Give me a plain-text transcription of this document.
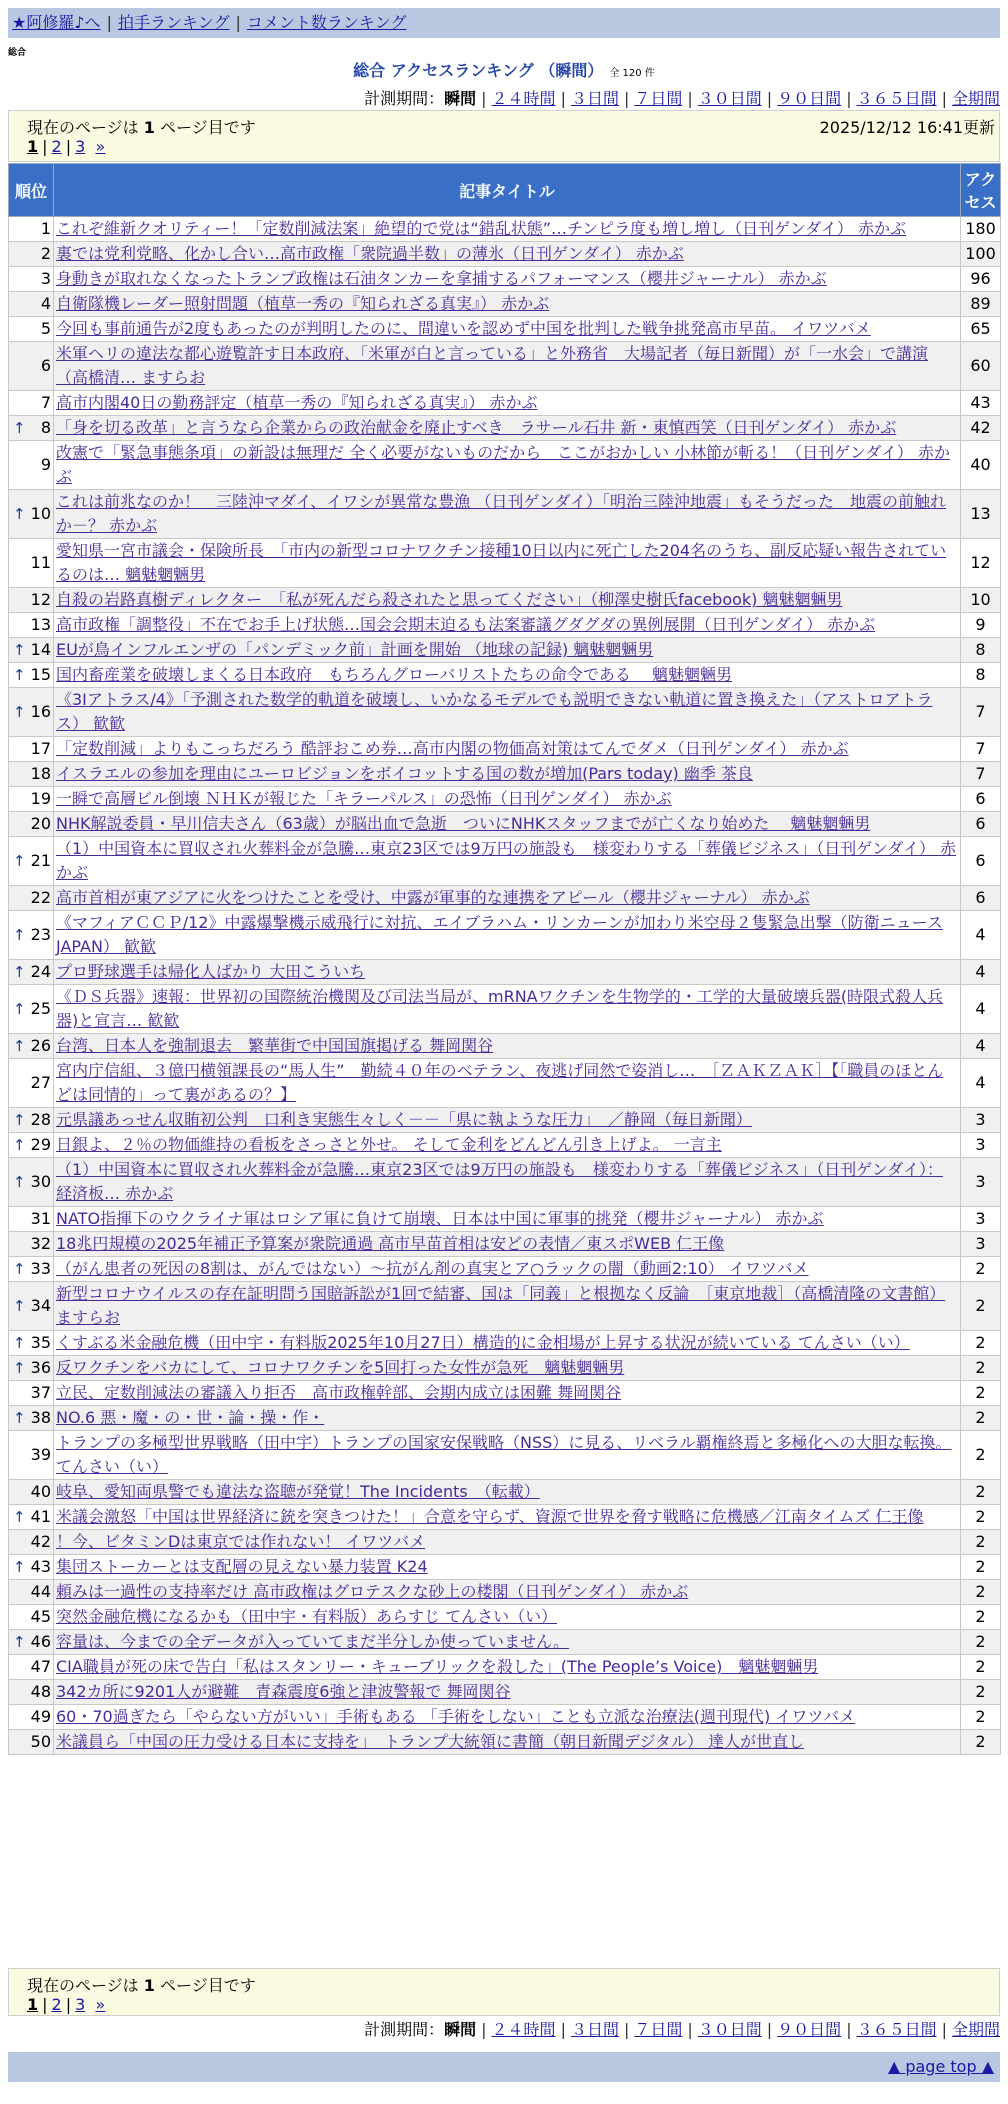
★阿修羅♪へ | 拍手ランキング | コメント数ランキング
総合
総合 アクセスランキング （瞬間） 全 120 件
計測期間：瞬間 | ２４時間 | ３日間 | ７日間 | ３０日間 | ９０日間 | ３６５日間 | 全期間
現在のページは 1 ページ目です	2025/12/12 16:41更新
1 | 2 | 3 »
順位	記事タイトル	アクセス
1	これぞ維新クオリティー！「定数削減法案」絶望的で党は“錯乱状態”…チンピラ度も増し増し（日刊ゲンダイ） 赤かぶ	180
2	裏では党利党略、化かし合い…高市政権「衆院過半数」の薄氷（日刊ゲンダイ） 赤かぶ	100
3	身動きが取れなくなったトランプ政権は石油タンカーを拿捕するパフォーマンス（櫻井ジャーナル） 赤かぶ	96
4	自衛隊機レーダー照射問題（植草一秀の『知られざる真実』） 赤かぶ	89
5	今回も事前通告が2度もあったのが判明したのに、間違いを認めず中国を批判した戦争挑発高市早苗。 イワツバメ	65
6	米軍ヘリの違法な都心遊覧許す日本政府、「米軍が白と言っている」と外務省　大場記者（毎日新聞）が「一水会」で講演（高橋清… ますらお	60
7	高市内閣40日の勤務評定（植草一秀の『知られざる真実』） 赤かぶ	43

↑ 8	「身を切る改革」と言うなら企業からの政治献金を廃止すべき　ラサール石井 新・東慎西笑（日刊ゲンダイ） 赤かぶ	42
9	改憲で「緊急事態条項」の新設は無理だ 全く必要がないものだから　ここがおかしい 小林節が斬る！（日刊ゲンダイ） 赤かぶ	40

↑ 10	これは前兆なのか！　三陸沖マダイ、イワシが異常な豊漁 （日刊ゲンダイ）「明治三陸沖地震」もそうだった　地震の前触れか－？ 赤かぶ	13
11	愛知県一宮市議会・保険所長　「市内の新型コロナワクチン接種10日以内に死亡した204名のうち、副反応疑い報告されているのは… 魑魅魍魎男	12
12	自殺の岩路真樹ディレクター　「私が死んだら殺されたと思ってください」（柳澤史樹氏facebook) 魑魅魍魎男	10
13	高市政権「調整役」不在でお手上げ状態…国会会期末迫るも法案審議グダグダの異例展開（日刊ゲンダイ） 赤かぶ	9

↑ 14	EUが鳥インフルエンザの「パンデミック前」計画を開始 （地球の記録) 魑魅魍魎男	8

↑ 15	国内畜産業を破壊しまくる日本政府　もちろんグローバリストたちの命令である　 魑魅魍魎男	8

↑ 16	《3Iアトラス/4》「予測された数学的軌道を破壊し、いかなるモデルでも説明できない軌道に置き換えた」（アストロアトラス） 歓歓	7
17	「定数削減」よりもこっちだろう 酷評おこめ券…高市内閣の物価高対策はてんでダメ（日刊ゲンダイ） 赤かぶ	7
18	イスラエルの参加を理由にユーロビジョンをボイコットする国の数が増加(Pars today) 幽季 茶良	7
19	一瞬で高層ビル倒壊 ＮＨＫが報じた「キラーパルス」の恐怖（日刊ゲンダイ） 赤かぶ	6
20	NHK解説委員・早川信夫さん（63歳）が脳出血で急逝　ついにNHKスタッフまでが亡くなり始めた　 魑魅魍魎男	6

↑ 21	（1）中国資本に買収され火葬料金が急騰…東京23区では9万円の施設も　様変わりする「葬儀ビジネス」（日刊ゲンダイ） 赤かぶ	6
22	高市首相が東アジアに火をつけたことを受け、中露が軍事的な連携をアピール（櫻井ジャーナル） 赤かぶ	6

↑ 23	《マフィアＣＣＰ/12》中露爆撃機示威飛行に対抗、エイブラハム・リンカーンが加わり米空母２隻緊急出撃（防衛ニュースJAPAN） 歓歓	4

↑ 24	プロ野球選手は帰化人ばかり 大田こういち	4

↑ 25	《ＤＳ兵器》速報：世界初の国際統治機関及び司法当局が、mRNAワクチンを生物学的・工学的大量破壊兵器(時限式殺人兵器)と宣言… 歓歓	4

↑ 26	台湾、日本人を強制退去　繁華街で中国国旗掲げる 舞岡関谷	4
27	宮内庁信組、３億円横領課長の“馬人生”　勤続４０年のベテラン、夜逃げ同然で姿消し…　［ＺＡＫＺＡＫ］【「職員のほとんどは同情的」って裏があるの？】	4

↑ 28	元県議あっせん収賄初公判　口利き実態生々しく－－「県に執ような圧力」　／静岡（毎日新聞）	3

↑ 29	日銀よ、２％の物価維持の看板をさっさと外せ。 そして金利をどんどん引き上げよ。 一言主	3

↑ 30	（1）中国資本に買収され火葬料金が急騰…東京23区では9万円の施設も　様変わりする「葬儀ビジネス」（日刊ゲンダイ）：経済板… 赤かぶ	3
31	NATO指揮下のウクライナ軍はロシア軍に負けて崩壊、日本は中国に軍事的挑発（櫻井ジャーナル） 赤かぶ	3
32	18兆円規模の2025年補正予算案が衆院通過 高市早苗首相は安どの表情／東スポWEB 仁王像	3

↑ 33	（がん患者の死因の8割は、がんではない）～抗がん剤の真実とア○ラックの闇（動画2:10） イワツバメ	2

↑ 34	新型コロナウイルスの存在証明問う国賠訴訟が1回で結審、国は「同義」と根拠なく反論　［東京地裁］（高橋清隆の文書館） ますらお	2

↑ 35	くすぶる米金融危機（田中宇・有料版2025年10月27日）構造的に金相場が上昇する状況が続いている てんさい（い）	2

↑ 36	反ワクチンをバカにして、コロナワクチンを5回打った女性が急死　魑魅魍魎男	2
37	立民、定数削減法の審議入り拒否　高市政権幹部、会期内成立は困難 舞岡関谷	2

↑ 38	NO.6 悪・魔・の・世・論・操・作・	2
39	トランプの多極型世界戦略（田中宇）トランプの国家安保戦略（NSS）に見る、リベラル覇権終焉と多極化への大胆な転換。 てんさい（い）	2
40	岐阜、愛知両県警でも違法な盗聴が発覚！The Incidents　（転載）	2

↑ 41	米議会激怒「中国は世界経済に銃を突きつけた！」合意を守らず、資源で世界を脅す戦略に危機感／江南タイムズ 仁王像	2
42	！今、ビタミンDは東京では作れない！ イワツバメ	2

↑ 43	集団ストーカーとは支配層の見えない暴力装置 K24	2
44	頼みは一過性の支持率だけ 高市政権はグロテスクな砂上の楼閣（日刊ゲンダイ） 赤かぶ	2
45	突然金融危機になるかも（田中宇・有料版）あらすじ てんさい（い）	2

↑ 46	容量は、今までの全データが入っていてまだ半分しか使っていません。	2
47	CIA職員が死の床で告白「私はスタンリー・キューブリックを殺した」(The People’s Voice)　魑魅魍魎男	2
48	342カ所に9201人が避難　青森震度6強と津波警報で 舞岡関谷	2
49	60・70過ぎたら「やらない方がいい」手術もある 「手術をしない」ことも立派な治療法(週刊現代) イワツバメ	2
50	米議員ら「中国の圧力受ける日本に支持を」　トランプ大統領に書簡（朝日新聞デジタル） 達人が世直し	2
現在のページは 1 ページ目です
1 | 2 | 3 »
計測期間：瞬間 | ２４時間 | ３日間 | ７日間 | ３０日間 | ９０日間 | ３６５日間 | 全期間
▲ page top ▲
